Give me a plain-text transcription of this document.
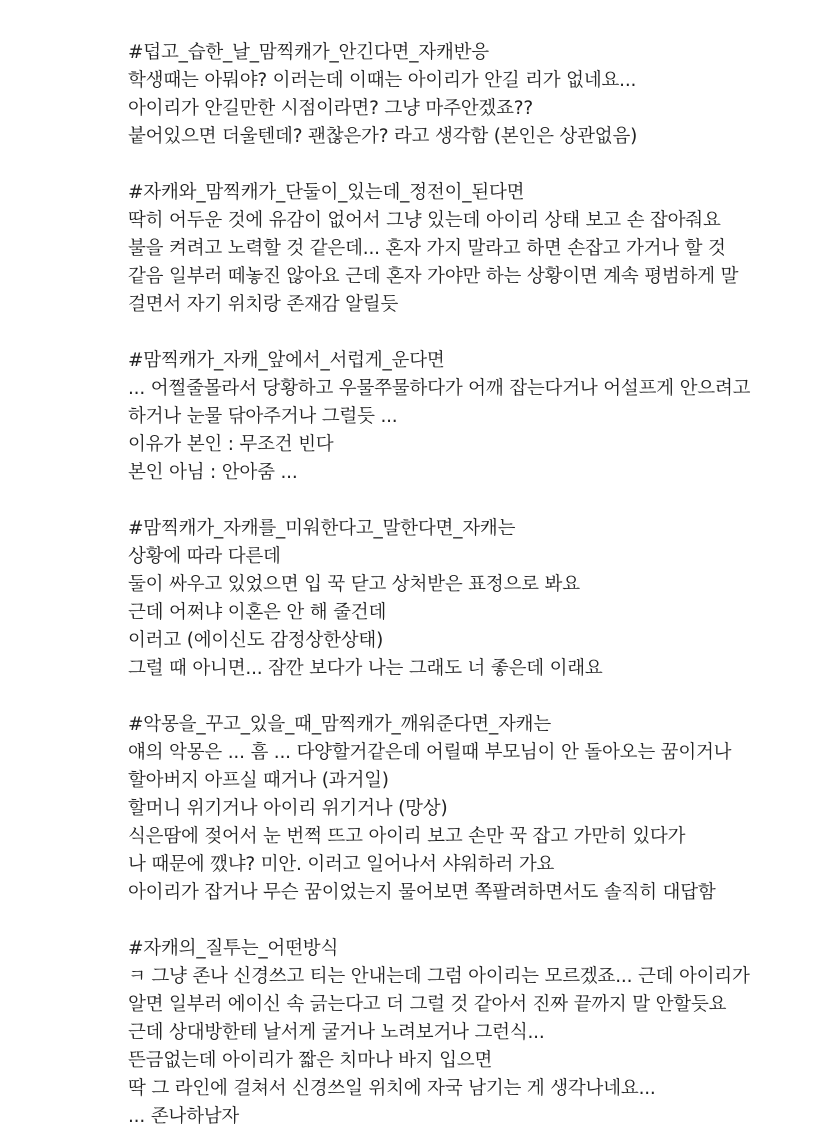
#덥고_습한_날_맘찍캐가_안긴다면_자캐반응
학생때는 아뭐야? 이러는데 이때는 아이리가 안길 리가 없네요...
아이리가 안길만한 시점이라면? 그냥 마주안겠죠??
붙어있으면 더울텐데? 괜찮은가? 라고 생각함 (본인은 상관없음)
#자캐와_맘찍캐가_단둘이_있는데_정전이_된다면
딱히 어두운 것에 유감이 없어서 그냥 있는데 아이리 상태 보고 손 잡아줘요
불을 켜려고 노력할 것 같은데... 혼자 가지 말라고 하면 손잡고 가거나 할 것
같음 일부러 떼놓진 않아요 근데 혼자 가야만 하는 상황이면 계속 평범하게 말
걸면서 자기 위치랑 존재감 알릴듯
#맘찍캐가_자캐_앞에서_서럽게_운다면
... 어쩔줄몰라서 당황하고 우물쭈물하다가 어깨 잡는다거나 어설프게 안으려고
하거나 눈물 닦아주거나 그럴듯 ...
이유가 본인 : 무조건 빈다
본인 아님 : 안아줌 ...
#맘찍캐가_자캐를_미워한다고_말한다면_자캐는
상황에 따라 다른데
둘이 싸우고 있었으면 입 꾹 닫고 상처받은 표정으로 봐요
근데 어쩌냐 이혼은 안 해 줄건데
이러고 (에이신도 감정상한상태)
그럴 때 아니면... 잠깐 보다가 나는 그래도 너 좋은데 이래요
#악몽을_꾸고_있을_때_맘찍캐가_깨워준다면_자캐는
얘의 악몽은 ... 흠 ... 다양할거같은데 어릴때 부모님이 안 돌아오는 꿈이거나
할아버지 아프실 때거나 (과거일)
할머니 위기거나 아이리 위기거나 (망상)
식은땀에 젖어서 눈 번쩍 뜨고 아이리 보고 손만 꾹 잡고 가만히 있다가
나 때문에 깼냐? 미안. 이러고 일어나서 샤워하러 가요
아이리가 잡거나 무슨 꿈이었는지 물어보면 쪽팔려하면서도 솔직히 대답함
#자캐의_질투는_어떤방식
ㅋ 그냥 존나 신경쓰고 티는 안내는데 그럼 아이리는 모르겠죠... 근데 아이리가
알면 일부러 에이신 속 긁는다고 더 그럴 것 같아서 진짜 끝까지 말 안할듯요
근데 상대방한테 날서게 굴거나 노려보거나 그런식...
뜬금없는데 아이리가 짧은 치마나 바지 입으면
딱 그 라인에 걸쳐서 신경쓰일 위치에 자국 남기는 게 생각나네요...
... 존나하남자
